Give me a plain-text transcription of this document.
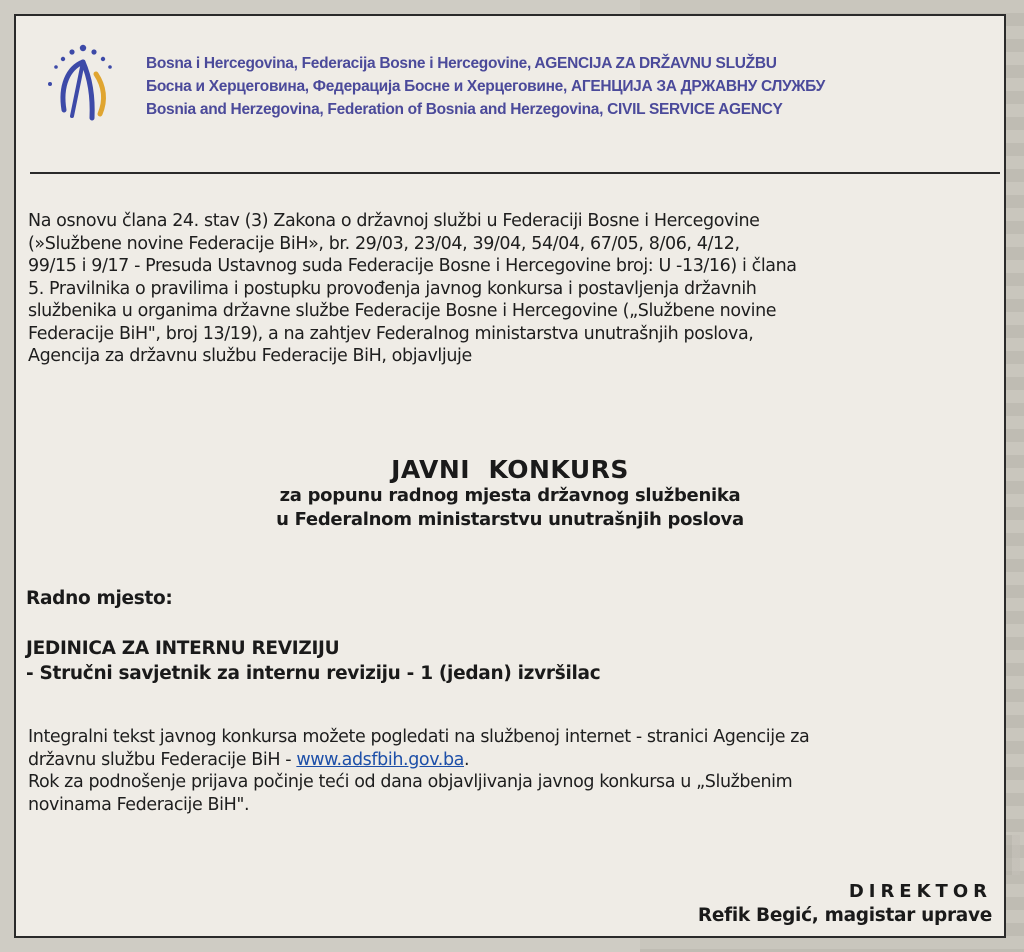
Bosna i Hercegovina, Federacija Bosne i Hercegovine, AGENCIJA ZA DRŽAVNU SLUŽBU
Босна и Херцеговина, Федерација Босне и Херцеговине, АГЕНЦИЈА ЗА ДРЖАВНУ СЛУЖБУ
Bosnia and Herzegovina, Federation of Bosnia and Herzegovina, CIVIL SERVICE AGENCY
Na osnovu člana 24. stav (3) Zakona o državnoj službi u Federaciji Bosne i Hercegovine
(»Službene novine Federacije BiH», br. 29/03, 23/04, 39/04, 54/04, 67/05, 8/06, 4/12,
99/15 i 9/17 - Presuda Ustavnog suda Federacije Bosne i Hercegovine broj: U -13/16) i člana
5. Pravilnika o pravilima i postupku provođenja javnog konkursa i postavljenja državnih
službenika u organima državne službe Federacije Bosne i Hercegovine („Službene novine
Federacije BiH", broj 13/19), a na zahtjev Federalnog ministarstva unutrašnjih poslova,
Agencija za državnu službu Federacije BiH, objavljuje
JAVNI  KONKURS
za popunu radnog mjesta državnog službenika
u Federalnom ministarstvu unutrašnjih poslova
Radno mjesto:
JEDINICA ZA INTERNU REVIZIJU
- Stručni savjetnik za internu reviziju - 1 (jedan) izvršilac
Integralni tekst javnog konkursa možete pogledati na službenoj internet - stranici Agencije za
državnu službu Federacije BiH - www.adsfbih.gov.ba.
Rok za podnošenje prijava počinje teći od dana objavljivanja javnog konkursa u „Službenim
novinama Federacije BiH".
DIREKTOR
Refik Begić, magistar uprave
